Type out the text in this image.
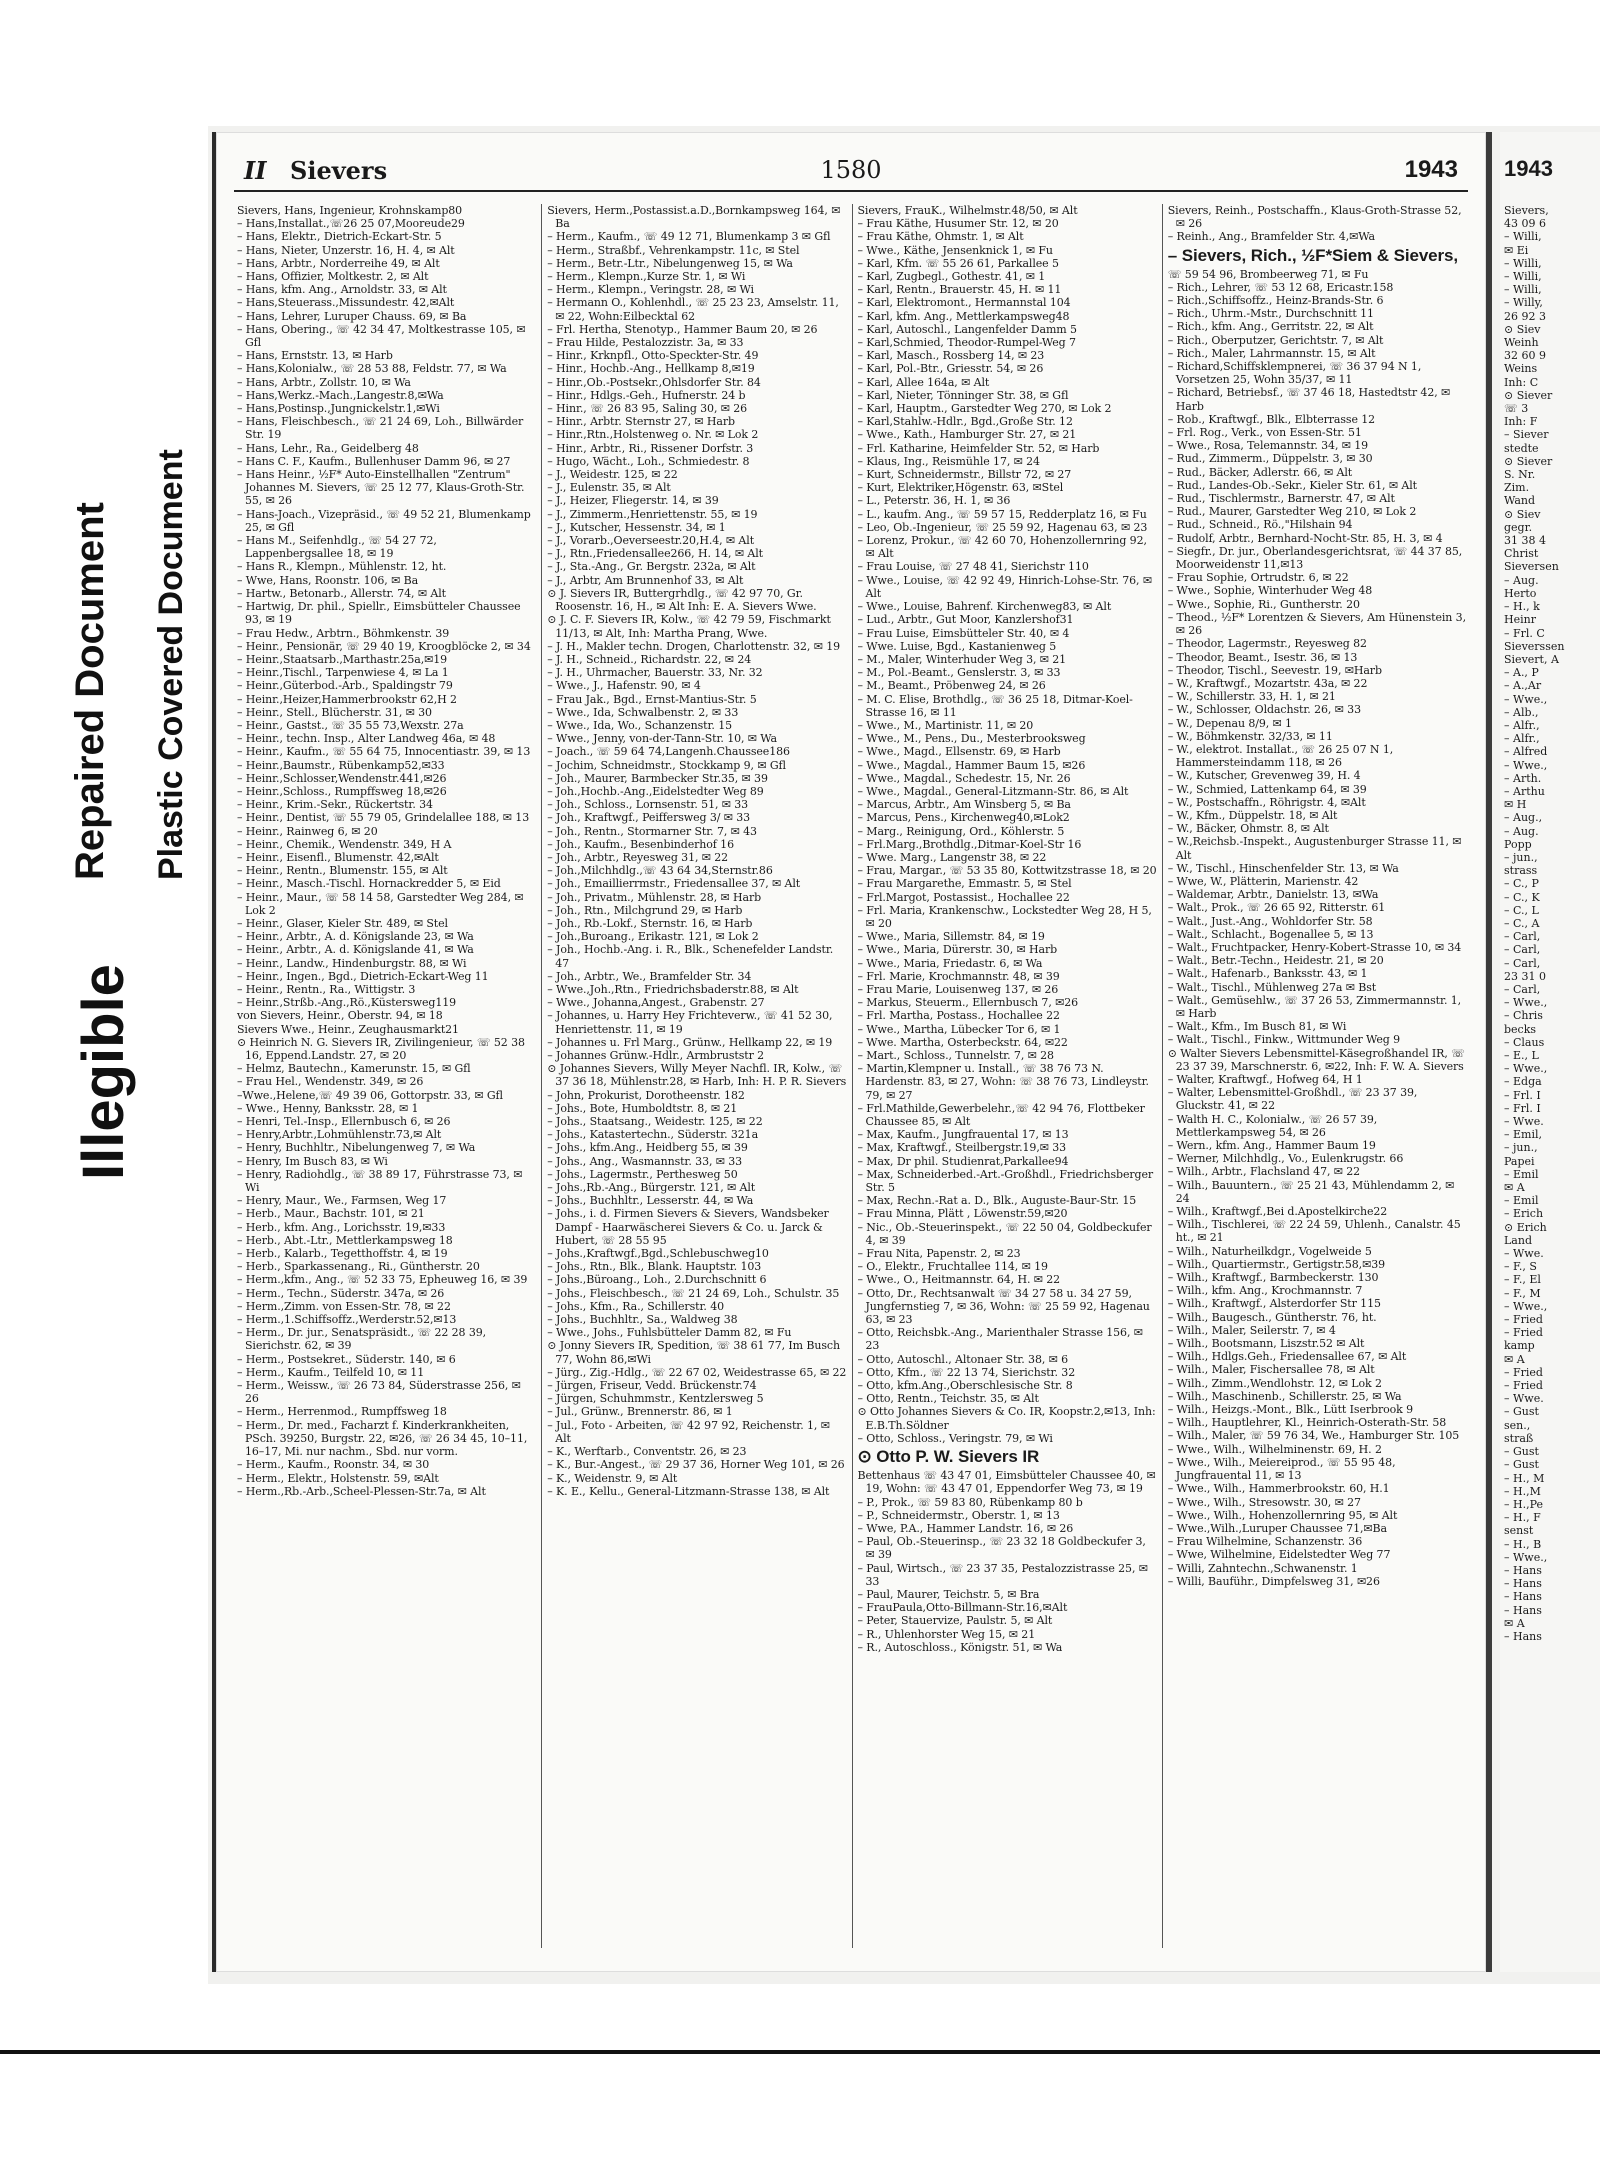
Illegible
Repaired Document Plastic Covered Document
II Sievers	1580	1943
Sievers, Hans, Ingenieur, Krohnskamp80
– Hans,Installat.,☏26 25 07,Mooreude29
– Hans, Elektr., Dietrich-Eckart-Str. 5
– Hans, Nieter, Unzerstr. 16, H. 4, ✉ Alt
– Hans, Arbtr., Norderreihe 49, ✉ Alt
– Hans, Offizier, Moltkestr. 2, ✉ Alt
– Hans, kfm. Ang., Arnoldstr. 33, ✉ Alt
– Hans,Steuerass.,Missundestr. 42,✉Alt
– Hans, Lehrer, Luruper Chauss. 69, ✉ Ba
– Hans, Obering., ☏ 42 34 47, Moltkestrasse 105, ✉ Gfl
– Hans, Ernststr. 13, ✉ Harb
– Hans,Kolonialw., ☏ 28 53 88, Feldstr. 77, ✉ Wa
– Hans, Arbtr., Zollstr. 10, ✉ Wa
– Hans,Werkz.-Mach.,Langestr.8,✉Wa
– Hans,Postinsp.,Jungnickelstr.1,✉Wi
– Hans, Fleischbesch., ☏ 21 24 69, Loh., Billwärder Str. 19
– Hans, Lehr., Ra., Geidelberg 48
– Hans C. F., Kaufm., Bullenhuser Damm 96, ✉ 27
– Hans Heinr., ½F* Auto-Einstellhallen "Zentrum" Johannes M. Sievers, ☏ 25 12 77, Klaus-Groth-Str. 55, ✉ 26
– Hans-Joach., Vizepräsid., ☏ 49 52 21, Blumenkamp 25, ✉ Gfl
– Hans M., Seifenhdlg., ☏ 54 27 72, Lappenbergsallee 18, ✉ 19
– Hans R., Klempn., Mühlenstr. 12, ht.
– Wwe, Hans, Roonstr. 106, ✉ Ba
– Hartw., Betonarb., Allerstr. 74, ✉ Alt
– Hartwig, Dr. phil., Spiellr., Eimsbütteler Chaussee 93, ✉ 19
– Frau Hedw., Arbtrn., Böhmkenstr. 39
– Heinr., Pensionär, ☏ 29 40 19, Kroogblöcke 2, ✉ 34
– Heinr.,Staatsarb.,Marthastr.25a,✉19
– Heinr.,Tischl., Tarpenwiese 4, ✉ La 1
– Heinr.,Güterbod.-Arb., Spaldingstr 79
– Heinr.,Heizer,Hammerbrookstr 62,H 2
– Heinr., Stell., Blücherstr. 31, ✉ 30
– Heinr., Gastst., ☏ 35 55 73,Wexstr. 27a
– Heinr., techn. Insp., Alter Landweg 46a, ✉ 48
– Heinr., Kaufm., ☏ 55 64 75, Innocentiastr. 39, ✉ 13
– Heinr.,Baumstr., Rübenkamp52,✉33
– Heinr.,Schlosser,Wendenstr.441,✉26
– Heinr.,Schloss., Rumpffsweg 18,✉26
– Heinr., Krim.-Sekr., Rückertstr. 34
– Heinr., Dentist, ☏ 55 79 05, Grindelallee 188, ✉ 13
– Heinr., Rainweg 6, ✉ 20
– Heinr., Chemik., Wendenstr. 349, H A
– Heinr., Eisenfl., Blumenstr. 42,✉Alt
– Heinr., Rentn., Blumenstr. 155, ✉ Alt
– Heinr., Masch.-Tischl. Hornackredder 5, ✉ Eid
– Heinr., Maur., ☏ 58 14 58, Garstedter Weg 284, ✉ Lok 2
– Heinr., Glaser, Kieler Str. 489, ✉ Stel
– Heinr., Arbtr., A. d. Königslande 23, ✉ Wa
– Heinr., Arbtr., A. d. Königslande 41, ✉ Wa
– Heinr., Landw., Hindenburgstr. 88, ✉ Wi
– Heinr., Ingen., Bgd., Dietrich-Eckart-Weg 11
– Heinr., Rentn., Ra., Wittigstr. 3
– Heinr.,Strßb.-Ang.,Rö.,Küstersweg119
von Sievers, Heinr., Oberstr. 94, ✉ 18
Sievers Wwe., Heinr., Zeughausmarkt21
⊙ Heinrich N. G. Sievers IR, Zivilingenieur, ☏ 52 38 16, Eppend.Landstr. 27, ✉ 20
– Helmz, Bautechn., Kamerunstr. 15, ✉ Gfl
– Frau Hel., Wendenstr. 349, ✉ 26
–Wwe.,Helene,☏ 49 39 06, Gottorpstr. 33, ✉ Gfl
– Wwe., Henny, Banksstr. 28, ✉ 1
– Henri, Tel.-Insp., Ellernbusch 6, ✉ 26
– Henry,Arbtr.,Lohmühlenstr.73,✉ Alt
– Henry, Buchhltr., Nibelungenweg 7, ✉ Wa
– Henry, Im Busch 83, ✉ Wi
– Henry, Radiohdlg., ☏ 38 89 17, Führstrasse 73, ✉ Wi
– Henry, Maur., We., Farmsen, Weg 17
– Herb., Maur., Bachstr. 101, ✉ 21
– Herb., kfm. Ang., Lorichsstr. 19,✉33
– Herb., Abt.-Ltr., Mettlerkampsweg 18
– Herb., Kalarb., Tegetthoffstr. 4, ✉ 19
– Herb., Sparkassenang., Ri., Güntherstr. 20
– Herm.,kfm., Ang., ☏ 52 33 75, Epheuweg 16, ✉ 39
– Herm., Techn., Süderstr. 347a, ✉ 26
– Herm.,Zimm. von Essen-Str. 78, ✉ 22
– Herm.,1.Schiffsoffz.,Werderstr.52,✉13
– Herm., Dr. jur., Senatspräsidt., ☏ 22 28 39, Sierichstr. 62, ✉ 39
– Herm., Postsekret., Süderstr. 140, ✉ 6
– Herm., Kaufm., Teilfeld 10, ✉ 11
– Herm., Weissw., ☏ 26 73 84, Süderstrasse 256, ✉ 26
– Herm., Herrenmod., Rumpffsweg 18
– Herm., Dr. med., Facharzt f. Kinderkrankheiten, PSch. 39250, Burgstr. 22, ✉26, ☏ 26 34 45, 10–11, 16–17, Mi. nur nachm., Sbd. nur vorm.
– Herm., Kaufm., Roonstr. 34, ✉ 30
– Herm., Elektr., Holstenstr. 59, ✉Alt
– Herm.,Rb.-Arb.,Scheel-Plessen-Str.7a, ✉ Alt
Sievers, Herm.,Postassist.a.D.,Bornkampsweg 164, ✉ Ba
– Herm., Kaufm., ☏ 49 12 71, Blumenkamp 3 ✉ Gfl
– Herm., Straßbf., Vehrenkampstr. 11c, ✉ Stel
– Herm., Betr.-Ltr., Nibelungenweg 15, ✉ Wa
– Herm., Klempn.,Kurze Str. 1, ✉ Wi
– Herm., Klempn., Veringstr. 28, ✉ Wi
– Hermann O., Kohlenhdl., ☏ 25 23 23, Amselstr. 11, ✉ 22, Wohn:Eilbecktal 62
– Frl. Hertha, Stenotyp., Hammer Baum 20, ✉ 26
– Frau Hilde, Pestalozzistr. 3a, ✉ 33
– Hinr., Krknpfl., Otto-Speckter-Str. 49
– Hinr., Hochb.-Ang., Hellkamp 8,✉19
– Hinr.,Ob.-Postsekr.,Ohlsdorfer Str. 84
– Hinr., Hdlgs.-Geh., Hufnerstr. 24 b
– Hinr., ☏ 26 83 95, Saling 30, ✉ 26
– Hinr., Arbtr. Sternstr 27, ✉ Harb
– Hinr.,Rtn.,Holstenweg o. Nr. ✉ Lok 2
– Hinr., Arbtr., Ri., Rissener Dorfstr. 3
– Hugo, Wächt., Loh., Schmiedestr. 8
– J., Weidestr. 125, ✉ 22
– J., Eulenstr. 35, ✉ Alt
– J., Heizer, Fliegerstr. 14, ✉ 39
– J., Zimmerm.,Henriettenstr. 55, ✉ 19
– J., Kutscher, Hessenstr. 34, ✉ 1
– J., Vorarb.,Oeverseestr.20,H.4, ✉ Alt
– J., Rtn.,Friedensallee266, H. 14, ✉ Alt
– J., Sta.-Ang., Gr. Bergstr. 232a, ✉ Alt
– J., Arbtr, Am Brunnenhof 33, ✉ Alt
⊙ J. Sievers IR, Buttergrhdlg., ☏ 42 97 70, Gr. Roosenstr. 16, H., ✉ Alt Inh: E. A. Sievers Wwe.
⊙ J. C. F. Sievers IR, Kolw., ☏ 42 79 59, Fischmarkt 11/13, ✉ Alt, Inh: Martha Prang, Wwe.
– J. H., Makler techn. Drogen, Charlottenstr. 32, ✉ 19
– J. H., Schneid., Richardstr. 22, ✉ 24
– J. H., Uhrmacher, Bauerstr. 33, Nr. 32
– Wwe., J., Hafenstr. 90, ✉ 4
– Frau Jak., Bgd., Ernst-Mantius-Str. 5
– Wwe., Ida, Schwalbenstr. 2, ✉ 33
– Wwe., Ida, Wo., Schanzenstr. 15
– Wwe., Jenny, von-der-Tann-Str. 10, ✉ Wa
– Joach., ☏ 59 64 74,Langenh.Chaussee186
– Jochim, Schneidmstr., Stockkamp 9, ✉ Gfl
– Joh., Maurer, Barmbecker Str.35, ✉ 39
– Joh.,Hochb.-Ang.,Eidelstedter Weg 89
– Joh., Schloss., Lornsenstr. 51, ✉ 33
– Joh., Kraftwgf., Peiffersweg 3/ ✉ 33
– Joh., Rentn., Stormarner Str. 7, ✉ 43
– Joh., Kaufm., Besenbinderhof 16
– Joh., Arbtr., Reyesweg 31, ✉ 22
– Joh.,Milchhdlg.,☏ 43 64 34,Sternstr.86
– Joh., Emaillierrmstr., Friedensallee 37, ✉ Alt
– Joh., Privatm., Mühlenstr. 28, ✉ Harb
– Joh., Rtn., Milchgrund 29, ✉ Harb
– Joh., Rb.-Lokf., Sternstr. 16, ✉ Harb
– Joh.,Buroang., Erikastr. 121, ✉ Lok 2
– Joh., Hochb.-Ang. i. R., Blk., Schenefelder Landstr. 47
– Joh., Arbtr., We., Bramfelder Str. 34
– Wwe.,Joh.,Rtn., Friedrichsbaderstr.88, ✉ Alt
– Wwe., Johanna,Angest., Grabenstr. 27
– Johannes, u. Harry Hey Frichteverw., ☏ 41 52 30, Henriettenstr. 11, ✉ 19
– Johannes u. Frl Marg., Grünw., Hellkamp 22, ✉ 19
– Johannes Grünw.-Hdlr., Armbruststr 2
⊙ Johannes Sievers, Willy Meyer Nachfl. IR, Kolw., ☏ 37 36 18, Mühlenstr.28, ✉ Harb, Inh: H. P. R. Sievers
– John, Prokurist, Dorotheenstr. 182
– Johs., Bote, Humboldtstr. 8, ✉ 21
– Johs., Staatsang., Weidestr. 125, ✉ 22
– Johs., Katastertechn., Süderstr. 321a
– Johs., kfm.Ang., Heidberg 55, ✉ 39
– Johs., Ang., Wasmannstr. 33, ✉ 33
– Johs., Lagermstr., Perthesweg 50
– Johs.,Rb.-Ang., Bürgerstr. 121, ✉ Alt
– Johs., Buchhltr., Lesserstr. 44, ✉ Wa
– Johs., i. d. Firmen Sievers & Sievers, Wandsbeker Dampf - Haarwäscherei Sievers & Co. u. Jarck & Hubert, ☏ 28 55 95
– Johs.,Kraftwgf.,Bgd.,Schlebuschweg10
– Johs., Rtn., Blk., Blank. Hauptstr. 103
– Johs.,Büroang., Loh., 2.Durchschnitt 6
– Johs., Fleischbesch., ☏ 21 24 69, Loh., Schulstr. 35
– Johs., Kfm., Ra., Schillerstr. 40
– Johs., Buchhltr., Sa., Waldweg 38
– Wwe., Johs., Fuhlsbütteler Damm 82, ✉ Fu
⊙ Jonny Sievers IR, Spedition, ☏ 38 61 77, Im Busch 77, Wohn 86,✉Wi
– Jürg., Zig.-Hdlg., ☏ 22 67 02, Weidestrasse 65, ✉ 22
– Jürgen, Friseur, Vedd. Brückenstr.74
– Jürgen, Schuhmmstr., Kentzlersweg 5
– Jul., Grünw., Brennerstr. 86, ✉ 1
– Jul., Foto - Arbeiten, ☏ 42 97 92, Reichenstr. 1, ✉ Alt
– K., Werftarb., Conventstr. 26, ✉ 23
– K., Bur.-Angest., ☏ 29 37 36, Horner Weg 101, ✉ 26
– K., Weidenstr. 9, ✉ Alt
– K. E., Kellu., General-Litzmann-Strasse 138, ✉ Alt
Sievers, FrauK., Wilhelmstr.48/50, ✉ Alt
– Frau Käthe, Husumer Str. 12, ✉ 20
– Frau Käthe, Ohmstr. 1, ✉ Alt
– Wwe., Käthe, Jensenknick 1, ✉ Fu
– Karl, Kfm. ☏ 55 26 61, Parkallee 5
– Karl, Zugbegl., Gothestr. 41, ✉ 1
– Karl, Rentn., Brauerstr. 45, H. ✉ 11
– Karl, Elektromont., Hermannstal 104
– Karl, kfm. Ang., Mettlerkampsweg48
– Karl, Autoschl., Langenfelder Damm 5
– Karl,Schmied, Theodor-Rumpel-Weg 7
– Karl, Masch., Rossberg 14, ✉ 23
– Karl, Pol.-Btr., Griesstr. 54, ✉ 26
– Karl, Allee 164a, ✉ Alt
– Karl, Nieter, Tönninger Str. 38, ✉ Gfl
– Karl, Hauptm., Garstedter Weg 270, ✉ Lok 2
– Karl,Stahlw.-Hdlr., Bgd.,Große Str. 12
– Wwe., Kath., Hamburger Str. 27, ✉ 21
– Frl. Katharine, Heimfelder Str. 52, ✉ Harb
– Klaus, Ing., Reismühle 17, ✉ 24
– Kurt, Schneidermstr., Billstr 72, ✉ 27
– Kurt, Elektriker,Högenstr. 63, ✉Stel
– L., Peterstr. 36, H. 1, ✉ 36
– L., kaufm. Ang., ☏ 59 57 15, Redderplatz 16, ✉ Fu
– Leo, Ob.-Ingenieur, ☏ 25 59 92, Hagenau 63, ✉ 23
– Lorenz, Prokur., ☏ 42 60 70, Hohenzollernring 92, ✉ Alt
– Frau Louise, ☏ 27 48 41, Sierichstr 110
– Wwe., Louise, ☏ 42 92 49, Hinrich-Lohse-Str. 76, ✉ Alt
– Wwe., Louise, Bahrenf. Kirchenweg83, ✉ Alt
– Lud., Arbtr., Gut Moor, Kanzlershof31
– Frau Luise, Eimsbütteler Str. 40, ✉ 4
– Wwe. Luise, Bgd., Kastanienweg 5
– M., Maler, Winterhuder Weg 3, ✉ 21
– M., Pol.-Beamt., Genslerstr. 3, ✉ 33
– M., Beamt., Pröbenweg 24, ✉ 26
– M. C. Elise, Brothdlg., ☏ 36 25 18, Ditmar-Koel-Strasse 16, ✉ 11
– Wwe., M., Martinistr. 11, ✉ 20
– Wwe., M., Pens., Du., Mesterbrooksweg
– Wwe., Magd., Ellsenstr. 69, ✉ Harb
– Wwe., Magdal., Hammer Baum 15, ✉26
– Wwe., Magdal., Schedestr. 15, Nr. 26
– Wwe., Magdal., General-Litzmann-Str. 86, ✉ Alt
– Marcus, Arbtr., Am Winsberg 5, ✉ Ba
– Marcus, Pens., Kirchenweg40,✉Lok2
– Marg., Reinigung, Ord., Köhlerstr. 5
– Frl.Marg.,Brothdlg.,Ditmar-Koel-Str 16
– Wwe. Marg., Langenstr 38, ✉ 22
– Frau, Margar., ☏ 53 35 80, Kottwitzstrasse 18, ✉ 20
– Frau Margarethe, Emmastr. 5, ✉ Stel
– Frl.Margot, Postassist., Hochallee 22
– Frl. Maria, Krankenschw., Lockstedter Weg 28, H 5, ✉ 20
– Wwe., Maria, Sillemstr. 84, ✉ 19
– Wwe., Maria, Dürerstr. 30, ✉ Harb
– Wwe., Maria, Friedastr. 6, ✉ Wa
– Frl. Marie, Krochmannstr. 48, ✉ 39
– Frau Marie, Louisenweg 137, ✉ 26
– Markus, Steuerm., Ellernbusch 7, ✉26
– Frl. Martha, Postass., Hochallee 22
– Wwe., Martha, Lübecker Tor 6, ✉ 1
– Wwe. Martha, Osterbeckstr. 64, ✉22
– Mart., Schloss., Tunnelstr. 7, ✉ 28
– Martin,Klempner u. Install., ☏ 38 76 73 N. Hardenstr. 83, ✉ 27, Wohn: ☏ 38 76 73, Lindleystr. 79, ✉ 27
– Frl.Mathilde,Gewerbelehr.,☏ 42 94 76, Flottbeker Chaussee 85, ✉ Alt
– Max, Kaufm., Jungfrauental 17, ✉ 13
– Max, Kraftwgf., Steilbergstr.19,✉ 33
– Max, Dr phil. Studienrat,Parkallee94
– Max, Schneiderbed.-Art.-Großhdl., Friedrichsberger Str. 5
– Max, Rechn.-Rat a. D., Blk., Auguste-Baur-Str. 15
– Frau Minna, Plätt , Löwenstr.59,✉20
– Nic., Ob.-Steuerinspekt., ☏ 22 50 04, Goldbeckufer 4, ✉ 39
– Frau Nita, Papenstr. 2, ✉ 23
– O., Elektr., Fruchtallee 114, ✉ 19
– Wwe., O., Heitmannstr. 64, H. ✉ 22
– Otto, Dr., Rechtsanwalt ☏ 34 27 58 u. 34 27 59, Jungfernstieg 7, ✉ 36, Wohn: ☏ 25 59 92, Hagenau 63, ✉ 23
– Otto, Reichsbk.-Ang., Marienthaler Strasse 156, ✉ 23
– Otto, Autoschl., Altonaer Str. 38, ✉ 6
– Otto, Kfm., ☏ 22 13 74, Sierichstr. 32
– Otto, kfm.Ang.,Oberschlesische Str. 8
– Otto, Rentn., Teichstr. 35, ✉ Alt
⊙ Otto Johannes Sievers & Co. IR, Koopstr.2,✉13, Inh: E.B.Th.Söldner
– Otto, Schloss., Veringstr. 79, ✉ Wi
⊙ Otto P. W. Sievers IR
Bettenhaus ☏ 43 47 01, Eimsbütteler Chaussee 40, ✉ 19, Wohn: ☏ 43 47 01, Eppendorfer Weg 73, ✉ 19
– P., Prok., ☏ 59 83 80, Rübenkamp 80 b
– P., Schneidermstr., Oberstr. 1, ✉ 13
– Wwe, P.A., Hammer Landstr. 16, ✉ 26
– Paul, Ob.-Steuerinsp., ☏ 23 32 18 Goldbeckufer 3, ✉ 39
– Paul, Wirtsch., ☏ 23 37 35, Pestalozzistrasse 25, ✉ 33
– Paul, Maurer, Teichstr. 5, ✉ Bra
– FrauPaula,Otto-Billmann-Str.16,✉Alt
– Peter, Stauervize, Paulstr. 5, ✉ Alt
– R., Uhlenhorster Weg 15, ✉ 21
– R., Autoschloss., Königstr. 51, ✉ Wa
Sievers, Reinh., Postschaffn., Klaus-Groth-Strasse 52, ✉ 26
– Reinh., Ang., Bramfelder Str. 4,✉Wa
– Sievers, Rich., ½F*Siem & Sievers,
☏ 59 54 96, Brombeerweg 71, ✉ Fu
– Rich., Lehrer, ☏ 53 12 68, Ericastr.158
– Rich.,Schiffsoffz., Heinz-Brands-Str. 6
– Rich., Uhrm.-Mstr., Durchschnitt 11
– Rich., kfm. Ang., Gerritstr. 22, ✉ Alt
– Rich., Oberputzer, Gerichtstr. 7, ✉ Alt
– Rich., Maler, Lahrmannstr. 15, ✉ Alt
– Richard,Schiffsklempnerei, ☏ 36 37 94 N 1, Vorsetzen 25, Wohn 35/37, ✉ 11
– Richard, Betriebsf., ☏ 37 46 18, Hastedtstr 42, ✉ Harb
– Rob., Kraftwgf., Blk., Elbterrasse 12
– Frl. Rog., Verk., von Essen-Str. 51
– Wwe., Rosa, Telemannstr. 34, ✉ 19
– Rud., Zimmerm., Düppelstr. 3, ✉ 30
– Rud., Bäcker, Adlerstr. 66, ✉ Alt
– Rud., Landes-Ob.-Sekr., Kieler Str. 61, ✉ Alt
– Rud., Tischlermstr., Barnerstr. 47, ✉ Alt
– Rud., Maurer, Garstedter Weg 210, ✉ Lok 2
– Rud., Schneid., Rö.,"Hilshain 94
– Rudolf, Arbtr., Bernhard-Nocht-Str. 85, H. 3, ✉ 4
– Siegfr., Dr. jur., Oberlandesgerichtsrat, ☏ 44 37 85, Moorweidenstr 11,✉13
– Frau Sophie, Ortrudstr. 6, ✉ 22
– Wwe., Sophie, Winterhuder Weg 48
– Wwe., Sophie, Ri., Guntherstr. 20
– Theod., ½F* Lorentzen & Sievers, Am Hünenstein 3, ✉ 26
– Theodor, Lagermstr., Reyesweg 82
– Theodor, Beamt., Isestr. 36, ✉ 13
– Theodor, Tischl., Seevestr. 19, ✉Harb
– W., Kraftwgf., Mozartstr. 43a, ✉ 22
– W., Schillerstr. 33, H. 1, ✉ 21
– W., Schlosser, Oldachstr. 26, ✉ 33
– W., Depenau 8/9, ✉ 1
– W., Böhmkenstr. 32/33, ✉ 11
– W., elektrot. Installat., ☏ 26 25 07 N 1, Hammersteindamm 118, ✉ 26
– W., Kutscher, Grevenweg 39, H. 4
– W., Schmied, Lattenkamp 64, ✉ 39
– W., Postschaffn., Röhrigstr. 4, ✉Alt
– W., Kfm., Düppelstr. 18, ✉ Alt
– W., Bäcker, Ohmstr. 8, ✉ Alt
– W.,Reichsb.-Inspekt., Augustenburger Strasse 11, ✉ Alt
– W., Tischl., Hinschenfelder Str. 13, ✉ Wa
– Wwe, W., Plätterin, Marienstr. 42
– Waldemar, Arbtr., Danielstr. 13, ✉Wa
– Walt., Prok., ☏ 26 65 92, Ritterstr. 61
– Walt., Just.-Ang., Wohldorfer Str. 58
– Walt., Schlacht., Bogenallee 5, ✉ 13
– Walt., Fruchtpacker, Henry-Kobert-Strasse 10, ✉ 34
– Walt., Betr.-Techn., Heidestr. 21, ✉ 20
– Walt., Hafenarb., Banksstr. 43, ✉ 1
– Walt., Tischl., Mühlenweg 27a ✉ Bst
– Walt., Gemüsehlw., ☏ 37 26 53, Zimmermannstr. 1, ✉ Harb
– Walt., Kfm., Im Busch 81, ✉ Wi
– Walt., Tischl., Finkw., Wittmunder Weg 9
⊙ Walter Sievers Lebensmittel-Käsegroßhandel IR, ☏ 23 37 39, Marschnerstr. 6, ✉22, Inh: F. W. A. Sievers
– Walter, Kraftwgf., Hofweg 64, H 1
– Walter, Lebensmittel-Großhdl., ☏ 23 37 39, Gluckstr. 41, ✉ 22
– Walth H. C., Kolonialw., ☏ 26 57 39, Mettlerkampsweg 54, ✉ 26
– Wern., kfm. Ang., Hammer Baum 19
– Werner, Milchhdlg., Vo., Eulenkrugstr. 66
– Wilh., Arbtr., Flachsland 47, ✉ 22
– Wilh., Bauuntern., ☏ 25 21 43, Mühlendamm 2, ✉ 24
– Wilh., Kraftwgf.,Bei d.Apostelkirche22
– Wilh., Tischlerei, ☏ 22 24 59, Uhlenh., Canalstr. 45 ht., ✉ 21
– Wilh., Naturheilkdgr., Vogelweide 5
– Wilh., Quartiermstr., Gertigstr.58,✉39
– Wilh., Kraftwgf., Barmbeckerstr. 130
– Wilh., kfm. Ang., Krochmannstr. 7
– Wilh., Kraftwgf., Alsterdorfer Str 115
– Wilh., Baugesch., Güntherstr. 76, ht.
– Wilh., Maler, Seilerstr. 7, ✉ 4
– Wilh., Bootsmann, Liszstr.52 ✉ Alt
– Wilh., Hdlgs.Geh., Friedensallee 67, ✉ Alt
– Wilh., Maler, Fischersallee 78, ✉ Alt
– Wilh., Zimm.,Wendlohstr. 12, ✉ Lok 2
– Wilh., Maschinenb., Schillerstr. 25, ✉ Wa
– Wilh., Heizgs.-Mont., Blk., Lütt Iserbrook 9
– Wilh., Hauptlehrer, Kl., Heinrich-Osterath-Str. 58
– Wilh., Maler, ☏ 59 76 34, We., Hamburger Str. 105
– Wwe., Wilh., Wilhelminenstr. 69, H. 2
– Wwe., Wilh., Meiereiprod., ☏ 55 95 48, Jungfrauental 11, ✉ 13
– Wwe., Wilh., Hammerbrookstr. 60, H.1
– Wwe., Wilh., Stresowstr. 30, ✉ 27
– Wwe., Wilh., Hohenzollernring 95, ✉ Alt
– Wwe.,Wilh.,Luruper Chaussee 71,✉Ba
– Frau Wilhelmine, Schanzenstr. 36
– Wwe, Wilhelmine, Eidelstedter Weg 77
– Willi, Zahntechn.,Schwanenstr. 1
– Willi, Bauführ., Dimpfelsweg 31, ✉26
1943
Sievers,
43 09 6
– Willi,
✉ Ei
– Willi,
– Willi,
– Willi,
– Willy,
26 92 3
⊙ Siev
Weinh
32 60 9
Weins
Inh: C
⊙ Siever
☏ 3
Inh: F
– Siever
stedte
⊙ Siever
S. Nr.
Zim.
Wand
⊙ Siev
gegr.
31 38 4
Christ
Sieversen
– Aug.
Herto
– H., k
Heinr
– Frl. C
Sieverssen
Sievert, A
– A., P
– A.,Ar
– Wwe.,
– Alb.,
– Alfr.,
– Alfr.,
– Alfred
– Wwe.,
– Arth.
– Arthu
✉ H
– Aug.,
– Aug.
Popp
– jun.,
strass
– C., P
– C., K
– C., L
– C., A
– Carl,
– Carl,
– Carl,
23 31 0
– Carl,
– Wwe.,
– Chris
becks
– Claus
– E., L
– Wwe.,
– Edga
– Frl. I
– Frl. I
– Wwe.
– Emil,
– jun.,
Papei
– Emil
✉ A
– Emil
– Erich
⊙ Erich
Land
– Wwe.
– F., S
– F., El
– F., M
– Wwe.,
– Fried
– Fried
kamp
✉ A
– Fried
– Fried
– Wwe.
– Gust
sen.,
straß
– Gust
– Gust
– H., M
– H.,M
– H.,Pe
– H., F
senst
– H., B
– Wwe.,
– Hans
– Hans
– Hans
– Hans
✉ A
– Hans
